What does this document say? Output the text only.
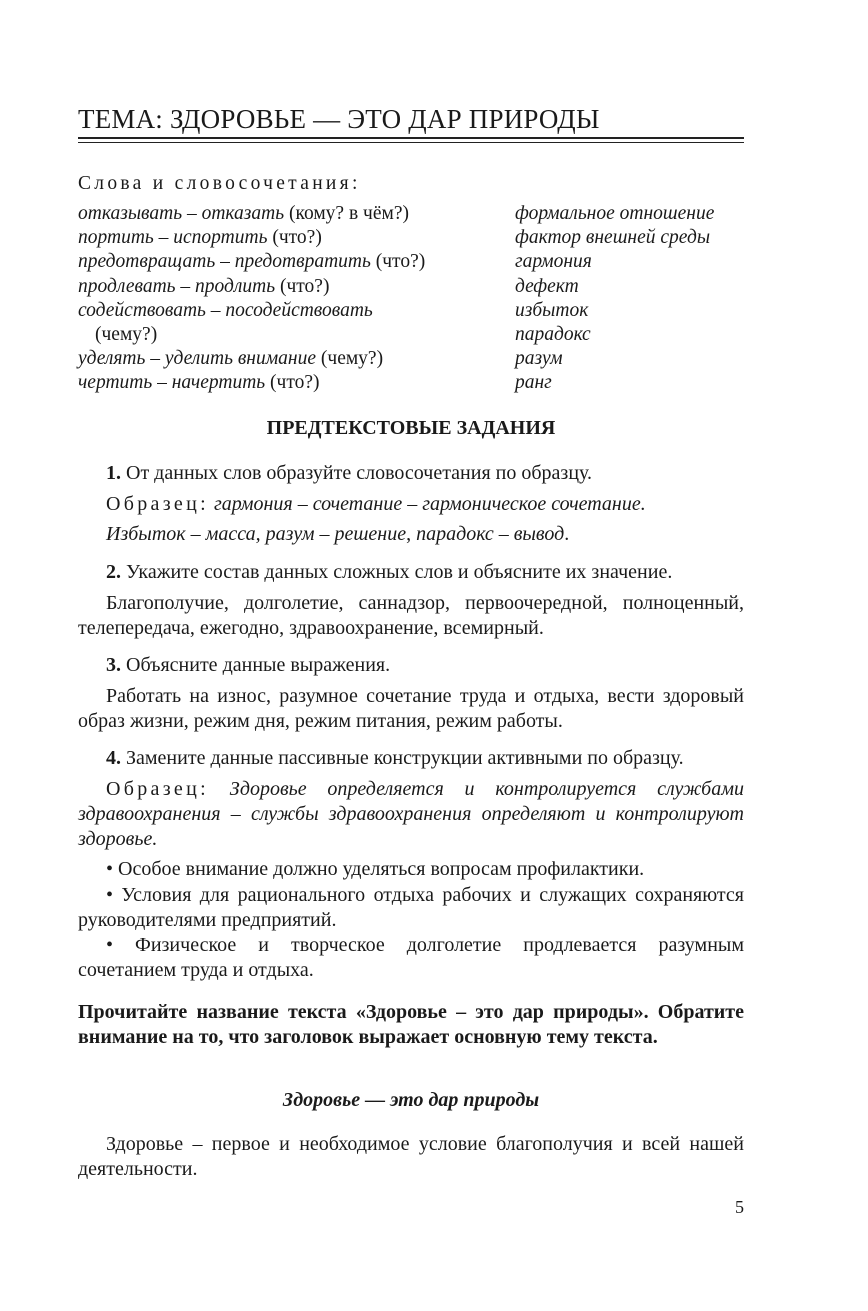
ТЕМА: ЗДОРОВЬЕ — ЭТО ДАР ПРИРОДЫ
Слова и словосочетания:
отказывать – отказать (кому? в чём?)
портить – испортить (что?)
предотвращать – предотвратить (что?)
продлевать – продлить (что?)
содействовать – посодействовать
(чему?)
уделять – уделить внимание (чему?)
чертить – начертить (что?)
формальное отношение
фактор внешней среды
гармония
дефект
избыток
парадокс
разум
ранг
ПРЕДТЕКСТОВЫЕ ЗАДАНИЯ
1. От данных слов образуйте словосочетания по образцу.
Образец: гармония – сочетание – гармоническое сочетание.
Избыток – масса, разум – решение, парадокс – вывод.
2. Укажите состав данных сложных слов и объясните их значение.
Благополучие, долголетие, саннадзор, первоочередной, полноценный, телепередача, ежегодно, здравоохранение, всемирный.
3. Объясните данные выражения.
Работать на износ, разумное сочетание труда и отдыха, вести здоровый образ жизни, режим дня, режим питания, режим работы.
4. Замените данные пассивные конструкции активными по образцу.
Образец: Здоровье определяется и контролируется службами здравоохранения – службы здравоохранения определяют и контролируют здоровье.
• Особое внимание должно уделяться вопросам профилактики.
• Условия для рационального отдыха рабочих и служащих сохраняются руководителями предприятий.
• Физическое и творческое долголетие продлевается разумным сочетанием труда и отдыха.
Прочитайте название текста «Здоровье – это дар природы». Обратите внимание на то, что заголовок выражает основную тему текста.
Здоровье — это дар природы
Здоровье – первое и необходимое условие благополучия и всей нашей деятельности.
5
